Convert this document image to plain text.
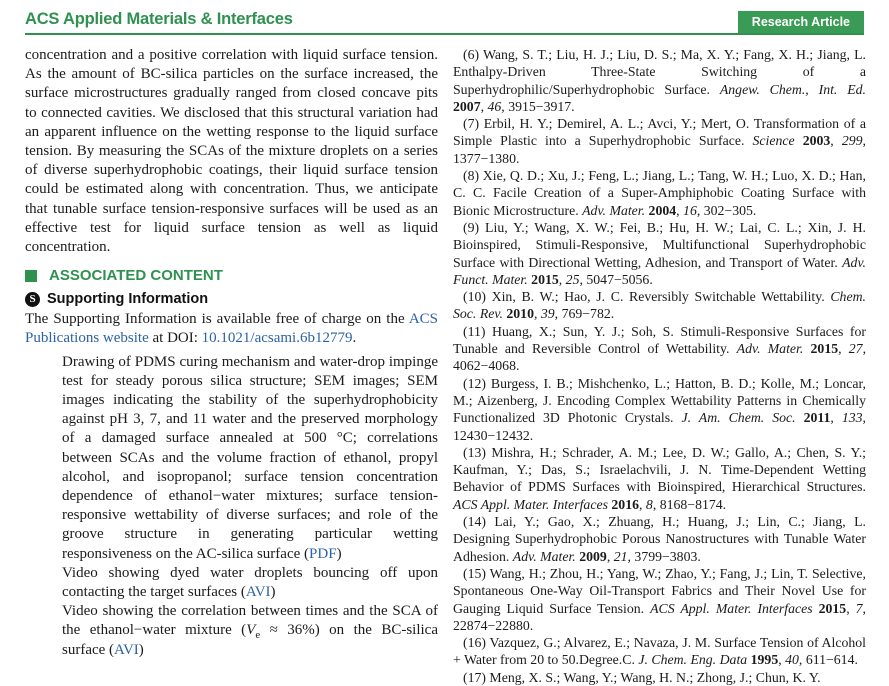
ACS Applied Materials & Interfaces	Research Article

concentration and a positive correlation with liquid surface tension. As the amount of BC-silica particles on the surface increased, the surface microstructures gradually ranged from closed concave pits to connected cavities. We disclosed that this structural variation had an apparent influence on the wetting response to the liquid surface tension. By measuring the SCAs of the mixture droplets on a series of diverse superhydrophobic coatings, their liquid surface tension could be estimated along with concentration. Thus, we anticipate that tunable surface tension-responsive surfaces will be used as an effective test for liquid surface tension as well as liquid concentration.

ASSOCIATED CONTENT
S Supporting Information

The Supporting Information is available free of charge on the ACS Publications website at DOI: 10.1021/acsami.6b12779.

Drawing of PDMS curing mechanism and water-drop impinge test for steady porous silica structure; SEM images; SEM images indicating the stability of the superhydrophobicity against pH 3, 7, and 11 water and the preserved morphology of a damaged surface annealed at 500 °C; correlations between SCAs and the volume fraction of ethanol, propyl alcohol, and isopropanol; surface tension concentration dependence of ethanol−water mixtures; surface tension-responsive wettability of diverse surfaces; and role of the groove structure in generating particular wetting responsiveness on the AC-silica surface (PDF)

Video showing dyed water droplets bouncing off upon contacting the target surfaces (AVI)

Video showing the correlation between times and the SCA of the ethanol−water mixture $(V_e \approx 36\%)$ on the BC-silica surface (AVI)

(6) Wang, S. T.; Liu, H. J.; Liu, D. S.; Ma, X. Y.; Fang, X. H.; Jiang, L. Enthalpy-Driven Three-State Switching of a Superhydrophilic/Superhydrophobic Surface. Angew. Chem., Int. Ed. 2007, 46, 3915−3917.

(7) Erbil, H. Y.; Demirel, A. L.; Avci, Y.; Mert, O. Transformation of a Simple Plastic into a Superhydrophobic Surface. Science 2003, 299, 1377−1380.

(8) Xie, Q. D.; Xu, J.; Feng, L.; Jiang, L.; Tang, W. H.; Luo, X. D.; Han, C. C. Facile Creation of a Super-Amphiphobic Coating Surface with Bionic Microstructure. Adv. Mater. 2004, 16, 302−305.

(9) Liu, Y.; Wang, X. W.; Fei, B.; Hu, H. W.; Lai, C. L.; Xin, J. H. Bioinspired, Stimuli-Responsive, Multifunctional Superhydrophobic Surface with Directional Wetting, Adhesion, and Transport of Water. Adv. Funct. Mater. 2015, 25, 5047−5056.

(10) Xin, B. W.; Hao, J. C. Reversibly Switchable Wettability. Chem. Soc. Rev. 2010, 39, 769−782.

(11) Huang, X.; Sun, Y. J.; Soh, S. Stimuli-Responsive Surfaces for Tunable and Reversible Control of Wettability. Adv. Mater. 2015, 27, 4062−4068.

(12) Burgess, I. B.; Mishchenko, L.; Hatton, B. D.; Kolle, M.; Loncar, M.; Aizenberg, J. Encoding Complex Wettability Patterns in Chemically Functionalized 3D Photonic Crystals. J. Am. Chem. Soc. 2011, 133, 12430−12432.

(13) Mishra, H.; Schrader, A. M.; Lee, D. W.; Gallo, A.; Chen, S. Y.; Kaufman, Y.; Das, S.; Israelachvili, J. N. Time-Dependent Wetting Behavior of PDMS Surfaces with Bioinspired, Hierarchical Structures. ACS Appl. Mater. Interfaces 2016, 8, 8168−8174.

(14) Lai, Y.; Gao, X.; Zhuang, H.; Huang, J.; Lin, C.; Jiang, L. Designing Superhydrophobic Porous Nanostructures with Tunable Water Adhesion. Adv. Mater. 2009, 21, 3799−3803.

(15) Wang, H.; Zhou, H.; Yang, W.; Zhao, Y.; Fang, J.; Lin, T. Selective, Spontaneous One-Way Oil-Transport Fabrics and Their Novel Use for Gauging Liquid Surface Tension. ACS Appl. Mater. Interfaces 2015, 7, 22874−22880.

(16) Vazquez, G.; Alvarez, E.; Navaza, J. M. Surface Tension of Alcohol + Water from 20 to 50.Degree.C. J. Chem. Eng. Data 1995, 40, 611−614.

(17) Meng, X. S.; Wang, Y.; Wang, H. N.; Zhong, J.; Chun, K. Y.
